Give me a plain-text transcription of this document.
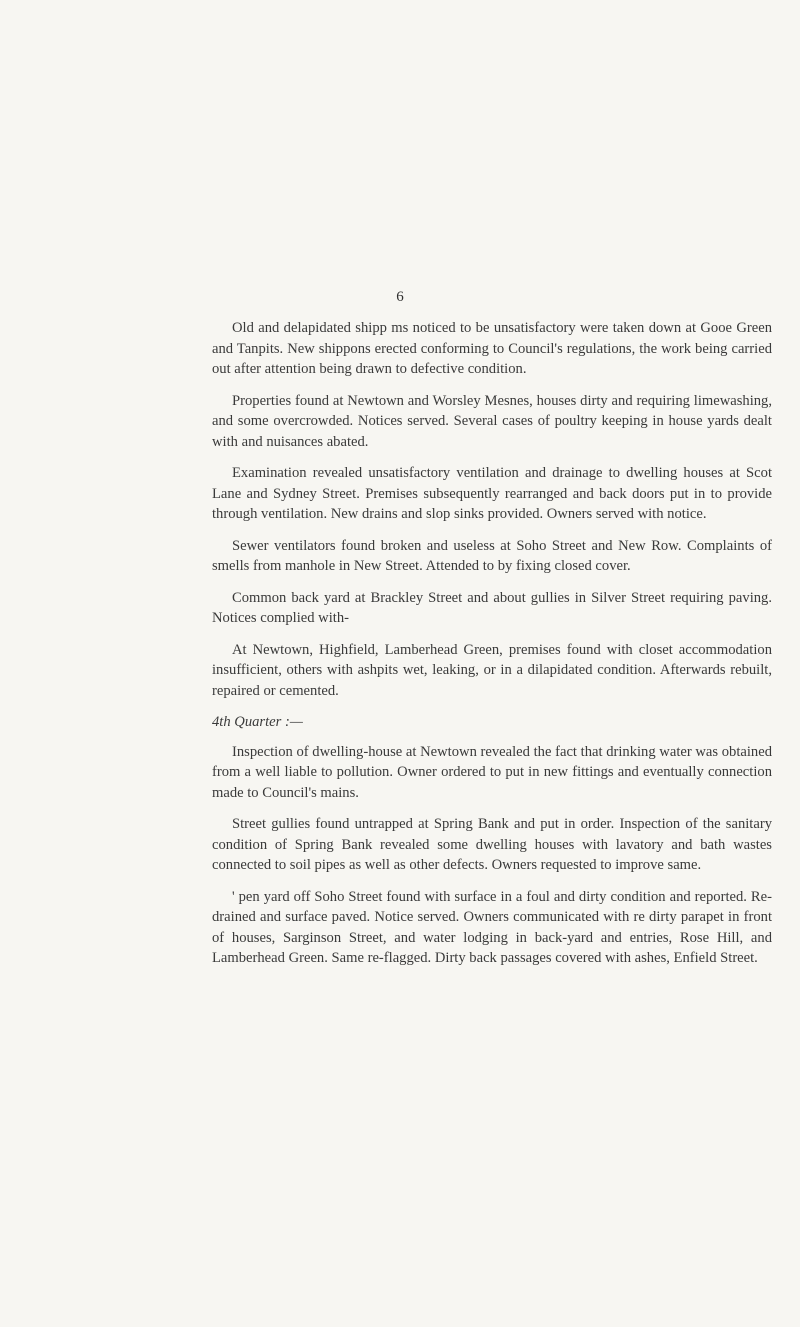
6

Old and delapidated shipp ms noticed to be unsatisfactory were taken down at Gooe Green and Tanpits. New shippons erected conforming to Council's regulations, the work being carried out after attention being drawn to defective condition.

Properties found at Newtown and Worsley Mesnes, houses dirty and requiring limewashing, and some overcrowded. Notices served. Several cases of poultry keeping in house yards dealt with and nuisances abated.

Examination revealed unsatisfactory ventilation and drainage to dwelling houses at Scot Lane and Sydney Street. Premises subsequently rearranged and back doors put in to provide through ventilation. New drains and slop sinks provided. Owners served with notice.

Sewer ventilators found broken and useless at Soho Street and New Row. Complaints of smells from manhole in New Street. Attended to by fixing closed cover.

Common back yard at Brackley Street and about gullies in Silver Street requiring paving. Notices complied with-

At Newtown, Highfield, Lamberhead Green, premises found with closet accommodation insufficient, others with ashpits wet, leaking, or in a dilapidated condition. Afterwards rebuilt, repaired or cemented.

4th Quarter :—

Inspection of dwelling-house at Newtown revealed the fact that drinking water was obtained from a well liable to pollution. Owner ordered to put in new fittings and eventually connection made to Council's mains.

Street gullies found untrapped at Spring Bank and put in order. Inspection of the sanitary condition of Spring Bank revealed some dwelling houses with lavatory and bath wastes connected to soil pipes as well as other defects. Owners requested to improve same.

' pen yard off Soho Street found with surface in a foul and dirty condition and reported. Re-drained and surface paved. Notice served. Owners communicated with re dirty parapet in front of houses, Sarginson Street, and water lodging in back-yard and entries, Rose Hill, and Lamberhead Green. Same re-flagged. Dirty back passages covered with ashes, Enfield Street.
